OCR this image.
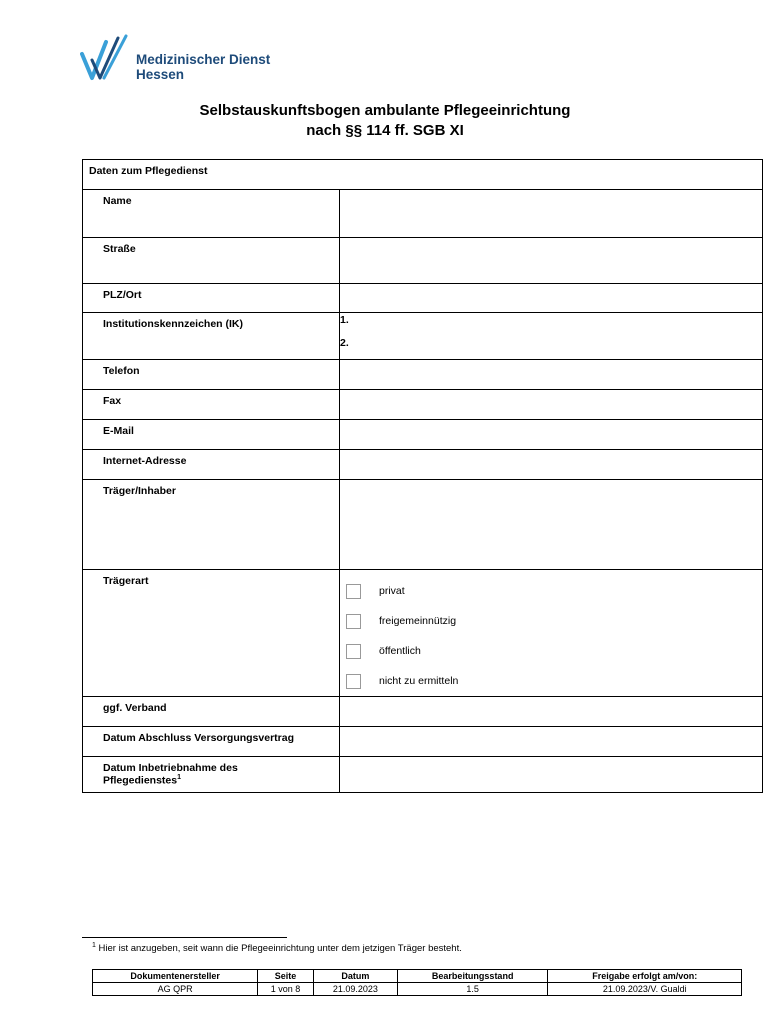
Medizinischer Dienst
Hessen
Selbstauskunftsbogen ambulante Pflegeeinrichtung
nach §§ 114 ff. SGB XI
Daten zum Pflegedienst	
Name	
Straße	
PLZ/Ort	
Institutionskennzeichen (IK)	1.
2.

Telefon	
Fax	
E-Mail	
Internet-Adresse	
Träger/Inhaber	
Trägerart	privat
freigemeinnützig
öffentlich
nicht zu ermitteln

ggf. Verband	
Datum Abschluss Versorgungsvertrag	
Datum Inbetriebnahme des
Pflegedienstes$^1$	
$^1$ Hier ist anzugeben, seit wann die Pflegeeinrichtung unter dem jetzigen Träger besteht.
Dokumentenersteller	Seite	Datum	Bearbeitungsstand	Freigabe erfolgt am/von:
AG QPR	1 von 8	21.09.2023	1.5	21.09.2023/V. Gualdi
